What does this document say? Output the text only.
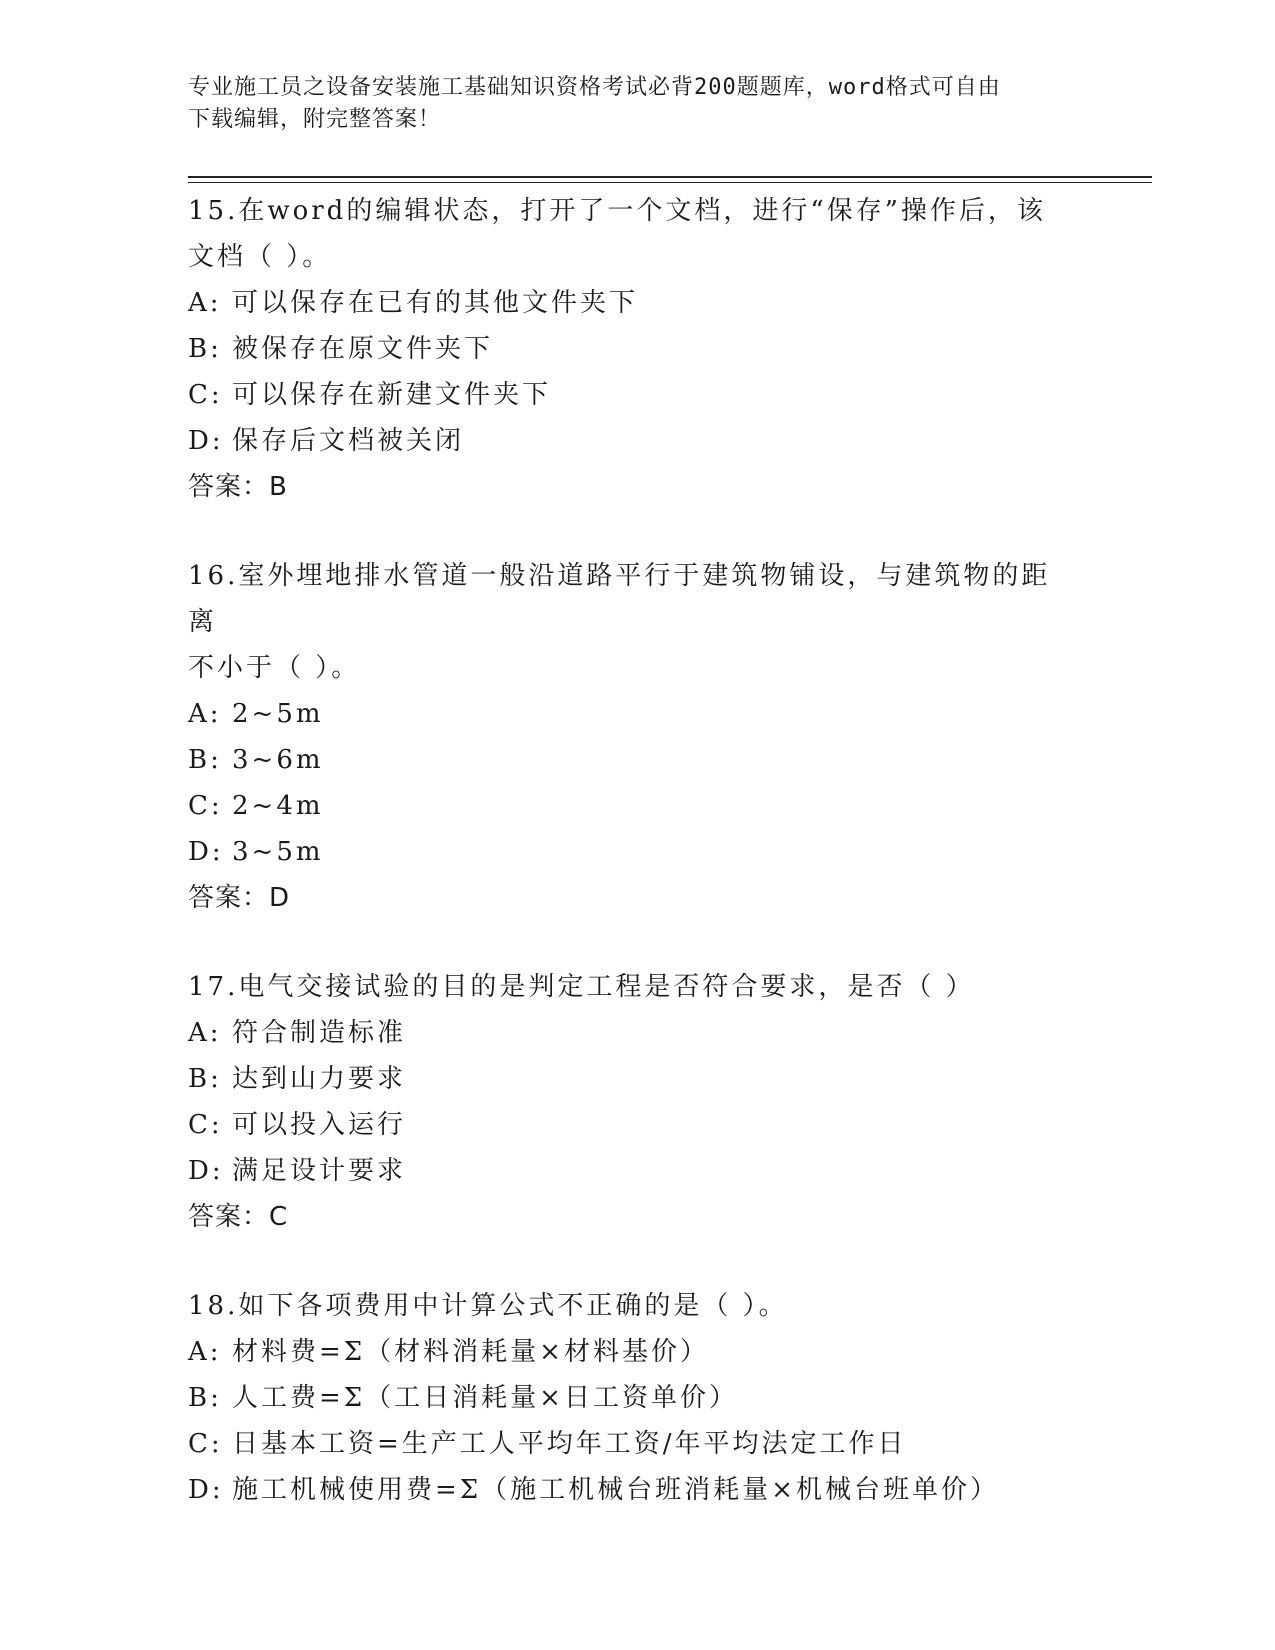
专业施工员之设备安装施工基础知识资格考试必背200题题库，word格式可自由
下载编辑，附完整答案！

15.在word的编辑状态，打开了一个文档，进行“保存”操作后，该
文档（ ）。

A: 可以保存在已有的其他文件夹下

B: 被保存在原文件夹下

C: 可以保存在新建文件夹下

D: 保存后文档被关闭

答案：B

16.室外埋地排水管道一般沿道路平行于建筑物铺设，与建筑物的距离
不小于（ ）。

A: 2~5m

B: 3~6m

C: 2~4m

D: 3~5m

答案：D

17.电气交接试验的目的是判定工程是否符合要求，是否（ ）

A: 符合制造标准

B: 达到山力要求

C: 可以投入运行

D: 满足设计要求

答案：C

18.如下各项费用中计算公式不正确的是（ ）。

A: 材料费=Σ（材料消耗量×材料基价）

B: 人工费=Σ（工日消耗量×日工资单价）

C: 日基本工资=生产工人平均年工资/年平均法定工作日

D: 施工机械使用费=Σ（施工机械台班消耗量×机械台班单价）
